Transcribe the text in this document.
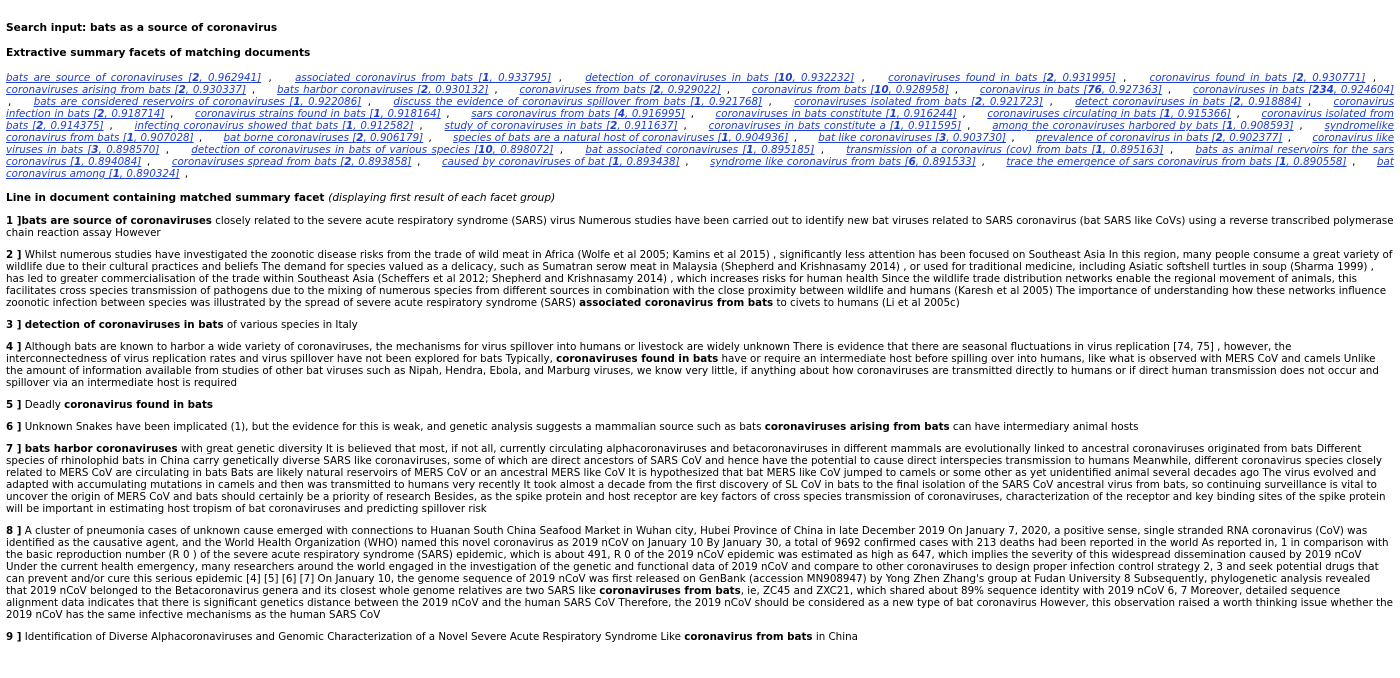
Search input: bats as a source of coronavirus
Extractive summary facets of matching documents
bats are source of coronaviruses [2, 0.962941] , associated coronavirus from bats [1, 0.933795] , detection of coronaviruses in bats [10, 0.932232] , coronaviruses found in bats [2, 0.931995] , coronavirus found in bats [2, 0.930771] , coronaviruses arising from bats [2, 0.930337] , bats harbor coronaviruses [2, 0.930132] , coronaviruses from bats [2, 0.929022] , coronavirus from bats [10, 0.928958] , coronavirus in bats [76, 0.927363] , coronaviruses in bats [234, 0.924604] , bats are considered reservoirs of coronaviruses [1, 0.922086] , discuss the evidence of coronavirus spillover from bats [1, 0.921768] , coronaviruses isolated from bats [2, 0.921723] , detect coronaviruses in bats [2, 0.918884] , coronavirus infection in bats [2, 0.918714] , coronavirus strains found in bats [1, 0.918164] , sars coronavirus from bats [4, 0.916995] , coronaviruses in bats constitute [1, 0.916244] , coronaviruses circulating in bats [1, 0.915366] , coronavirus isolated from bats [2, 0.914375] , infecting coronavirus showed that bats [1, 0.912582] , study of coronaviruses in bats [2, 0.911637] , coronaviruses in bats constitute a [1, 0.911595] , among the coronaviruses harbored by bats [1, 0.908593] , syndromelike coronavirus from bats [1, 0.907028] , bat borne coronaviruses [2, 0.906179] , species of bats are a natural host of coronaviruses [1, 0.904936] , bat like coronaviruses [3, 0.903730] , prevalence of coronavirus in bats [2, 0.902377] , coronavirus like viruses in bats [3, 0.898570] , detection of coronaviruses in bats of various species [10, 0.898072] , bat associated coronaviruses [1, 0.895185] , transmission of a coronavirus (cov) from bats [1, 0.895163] , bats as animal reservoirs for the sars coronavirus [1, 0.894084] , coronaviruses spread from bats [2, 0.893858] , caused by coronaviruses of bat [1, 0.893438] , syndrome like coronavirus from bats [6, 0.891533] , trace the emergence of sars coronavirus from bats [1, 0.890558] , bat coronavirus among [1, 0.890324] ,
Line in document containing matched summary facet (displaying first result of each facet group)

1 ]bats are source of coronaviruses closely related to the severe acute respiratory syndrome (SARS) virus Numerous studies have been carried out to identify new bat viruses related to SARS coronavirus (bat SARS like CoVs) using a reverse transcribed polymerase chain reaction assay However

2 ] Whilst numerous studies have investigated the zoonotic disease risks from the trade of wild meat in Africa (Wolfe et al 2005; Kamins et al 2015) , significantly less attention has been focused on Southeast Asia In this region, many people consume a great variety of wildlife due to their cultural practices and beliefs The demand for species valued as a delicacy, such as Sumatran serow meat in Malaysia (Shepherd and Krishnasamy 2014) , or used for traditional medicine, including Asiatic softshell turtles in soup (Sharma 1999) , has led to greater commercialisation of the trade within Southeast Asia (Scheffers et al 2012; Shepherd and Krishnasamy 2014) , which increases risks for human health Since the wildlife trade distribution networks enable the regional movement of animals, this facilitates cross species transmission of pathogens due to the mixing of numerous species from different sources in combination with the close proximity between wildlife and humans (Karesh et al 2005) The importance of understanding how these networks influence zoonotic infection between species was illustrated by the spread of severe acute respiratory syndrome (SARS) associated coronavirus from bats to civets to humans (Li et al 2005c)

3 ] detection of coronaviruses in bats of various species in Italy

4 ] Although bats are known to harbor a wide variety of coronaviruses, the mechanisms for virus spillover into humans or livestock are widely unknown There is evidence that there are seasonal fluctuations in virus replication [74, 75] , however, the interconnectedness of virus replication rates and virus spillover have not been explored for bats Typically, coronaviruses found in bats have or require an intermediate host before spilling over into humans, like what is observed with MERS CoV and camels Unlike the amount of information available from studies of other bat viruses such as Nipah, Hendra, Ebola, and Marburg viruses, we know very little, if anything about how coronaviruses are transmitted directly to humans or if direct human transmission does not occur and spillover via an intermediate host is required

5 ] Deadly coronavirus found in bats

6 ] Unknown Snakes have been implicated (1), but the evidence for this is weak, and genetic analysis suggests a mammalian source such as bats coronaviruses arising from bats can have intermediary animal hosts

7 ] bats harbor coronaviruses with great genetic diversity It is believed that most, if not all, currently circulating alphacoronaviruses and betacoronaviruses in different mammals are evolutionally linked to ancestral coronaviruses originated from bats Different species of rhinolophid bats in China carry genetically diverse SARS like coronaviruses, some of which are direct ancestors of SARS CoV and hence have the potential to cause direct interspecies transmission to humans Meanwhile, different coronavirus species closely related to MERS CoV are circulating in bats Bats are likely natural reservoirs of MERS CoV or an ancestral MERS like CoV It is hypothesized that bat MERS like CoV jumped to camels or some other as yet unidentified animal several decades ago The virus evolved and adapted with accumulating mutations in camels and then was transmitted to humans very recently It took almost a decade from the first discovery of SL CoV in bats to the final isolation of the SARS CoV ancestral virus from bats, so continuing surveillance is vital to uncover the origin of MERS CoV and bats should certainly be a priority of research Besides, as the spike protein and host receptor are key factors of cross species transmission of coronaviruses, characterization of the receptor and key binding sites of the spike protein will be important in estimating host tropism of bat coronaviruses and predicting spillover risk

8 ] A cluster of pneumonia cases of unknown cause emerged with connections to Huanan South China Seafood Market in Wuhan city, Hubei Province of China in late December 2019 On January 7, 2020, a positive sense, single stranded RNA coronavirus (CoV) was identified as the causative agent, and the World Health Organization (WHO) named this novel coronavirus as 2019 nCoV on January 10 By January 30, a total of 9692 confirmed cases with 213 deaths had been reported in the world As reported in, 1 in comparison with the basic reproduction number (R 0 ) of the severe acute respiratory syndrome (SARS) epidemic, which is about 491, R 0 of the 2019 nCoV epidemic was estimated as high as 647, which implies the severity of this widespread dissemination caused by 2019 nCoV Under the current health emergency, many researchers around the world engaged in the investigation of the genetic and functional data of 2019 nCoV and compare to other coronaviruses to design proper infection control strategy 2, 3 and seek potential drugs that can prevent and/or cure this serious epidemic [4] [5] [6] [7] On January 10, the genome sequence of 2019 nCoV was first released on GenBank (accession MN908947) by Yong Zhen Zhang's group at Fudan University 8 Subsequently, phylogenetic analysis revealed that 2019 nCoV belonged to the Betacoronavirus genera and its closest whole genome relatives are two SARS like coronaviruses from bats, ie, ZC45 and ZXC21, which shared about 89% sequence identity with 2019 nCoV 6, 7 Moreover, detailed sequence alignment data indicates that there is significant genetics distance between the 2019 nCoV and the human SARS CoV Therefore, the 2019 nCoV should be considered as a new type of bat coronavirus However, this observation raised a worth thinking issue whether the 2019 nCoV has the same infective mechanisms as the human SARS CoV

9 ] Identification of Diverse Alphacoronaviruses and Genomic Characterization of a Novel Severe Acute Respiratory Syndrome Like coronavirus from bats in China
